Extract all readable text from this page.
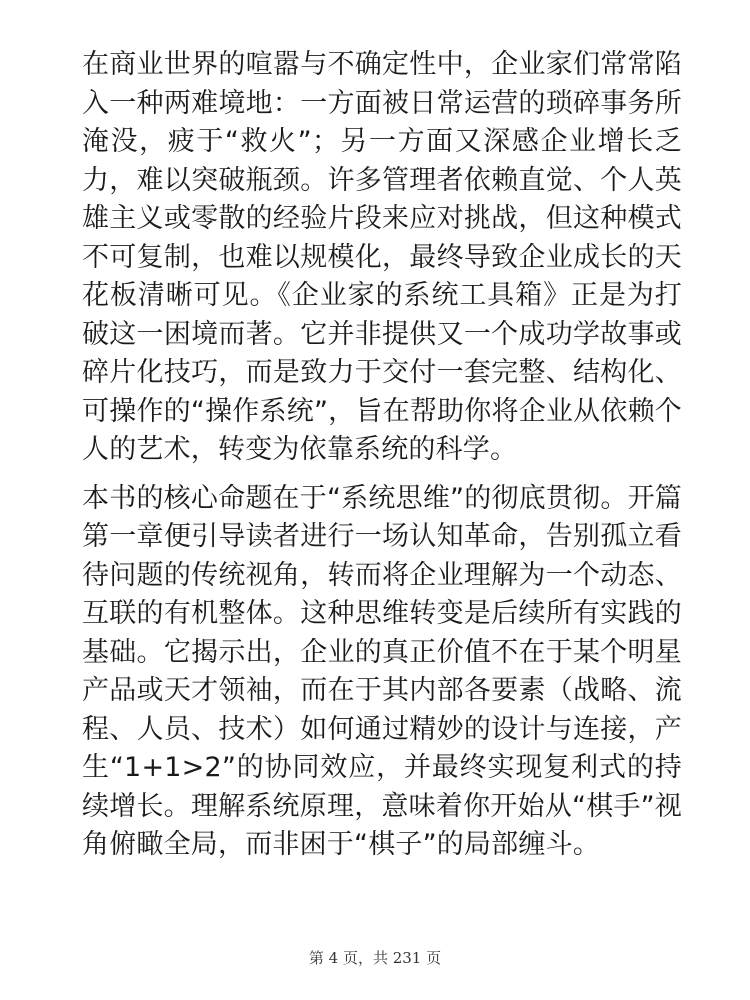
在商业世界的喧嚣与不确定性中，企业家们常常陷入一种两难境地：一方面被日常运营的琐碎事务所淹没，疲于“救火”；另一方面又深感企业增长乏力，难以突破瓶颈。许多管理者依赖直觉、个人英雄主义或零散的经验片段来应对挑战，但这种模式不可复制，也难以规模化，最终导致企业成长的天花板清晰可见。《企业家的系统工具箱》正是为打破这一困境而著。它并非提供又一个成功学故事或碎片化技巧，而是致力于交付一套完整、结构化、可操作的“操作系统”，旨在帮助你将企业从依赖个人的艺术，转变为依靠系统的科学。

本书的核心命题在于“系统思维”的彻底贯彻。开篇第一章便引导读者进行一场认知革命，告别孤立看待问题的传统视角，转而将企业理解为一个动态、互联的有机整体。这种思维转变是后续所有实践的基础。它揭示出，企业的真正价值不在于某个明星产品或天才领袖，而在于其内部各要素（战略、流程、人员、技术）如何通过精妙的设计与连接，产生“1+1>2”的协同效应，并最终实现复利式的持续增长。理解系统原理，意味着你开始从“棋手”视角俯瞰全局，而非困于“棋子”的局部缠斗。

第 4 页，共 231 页
